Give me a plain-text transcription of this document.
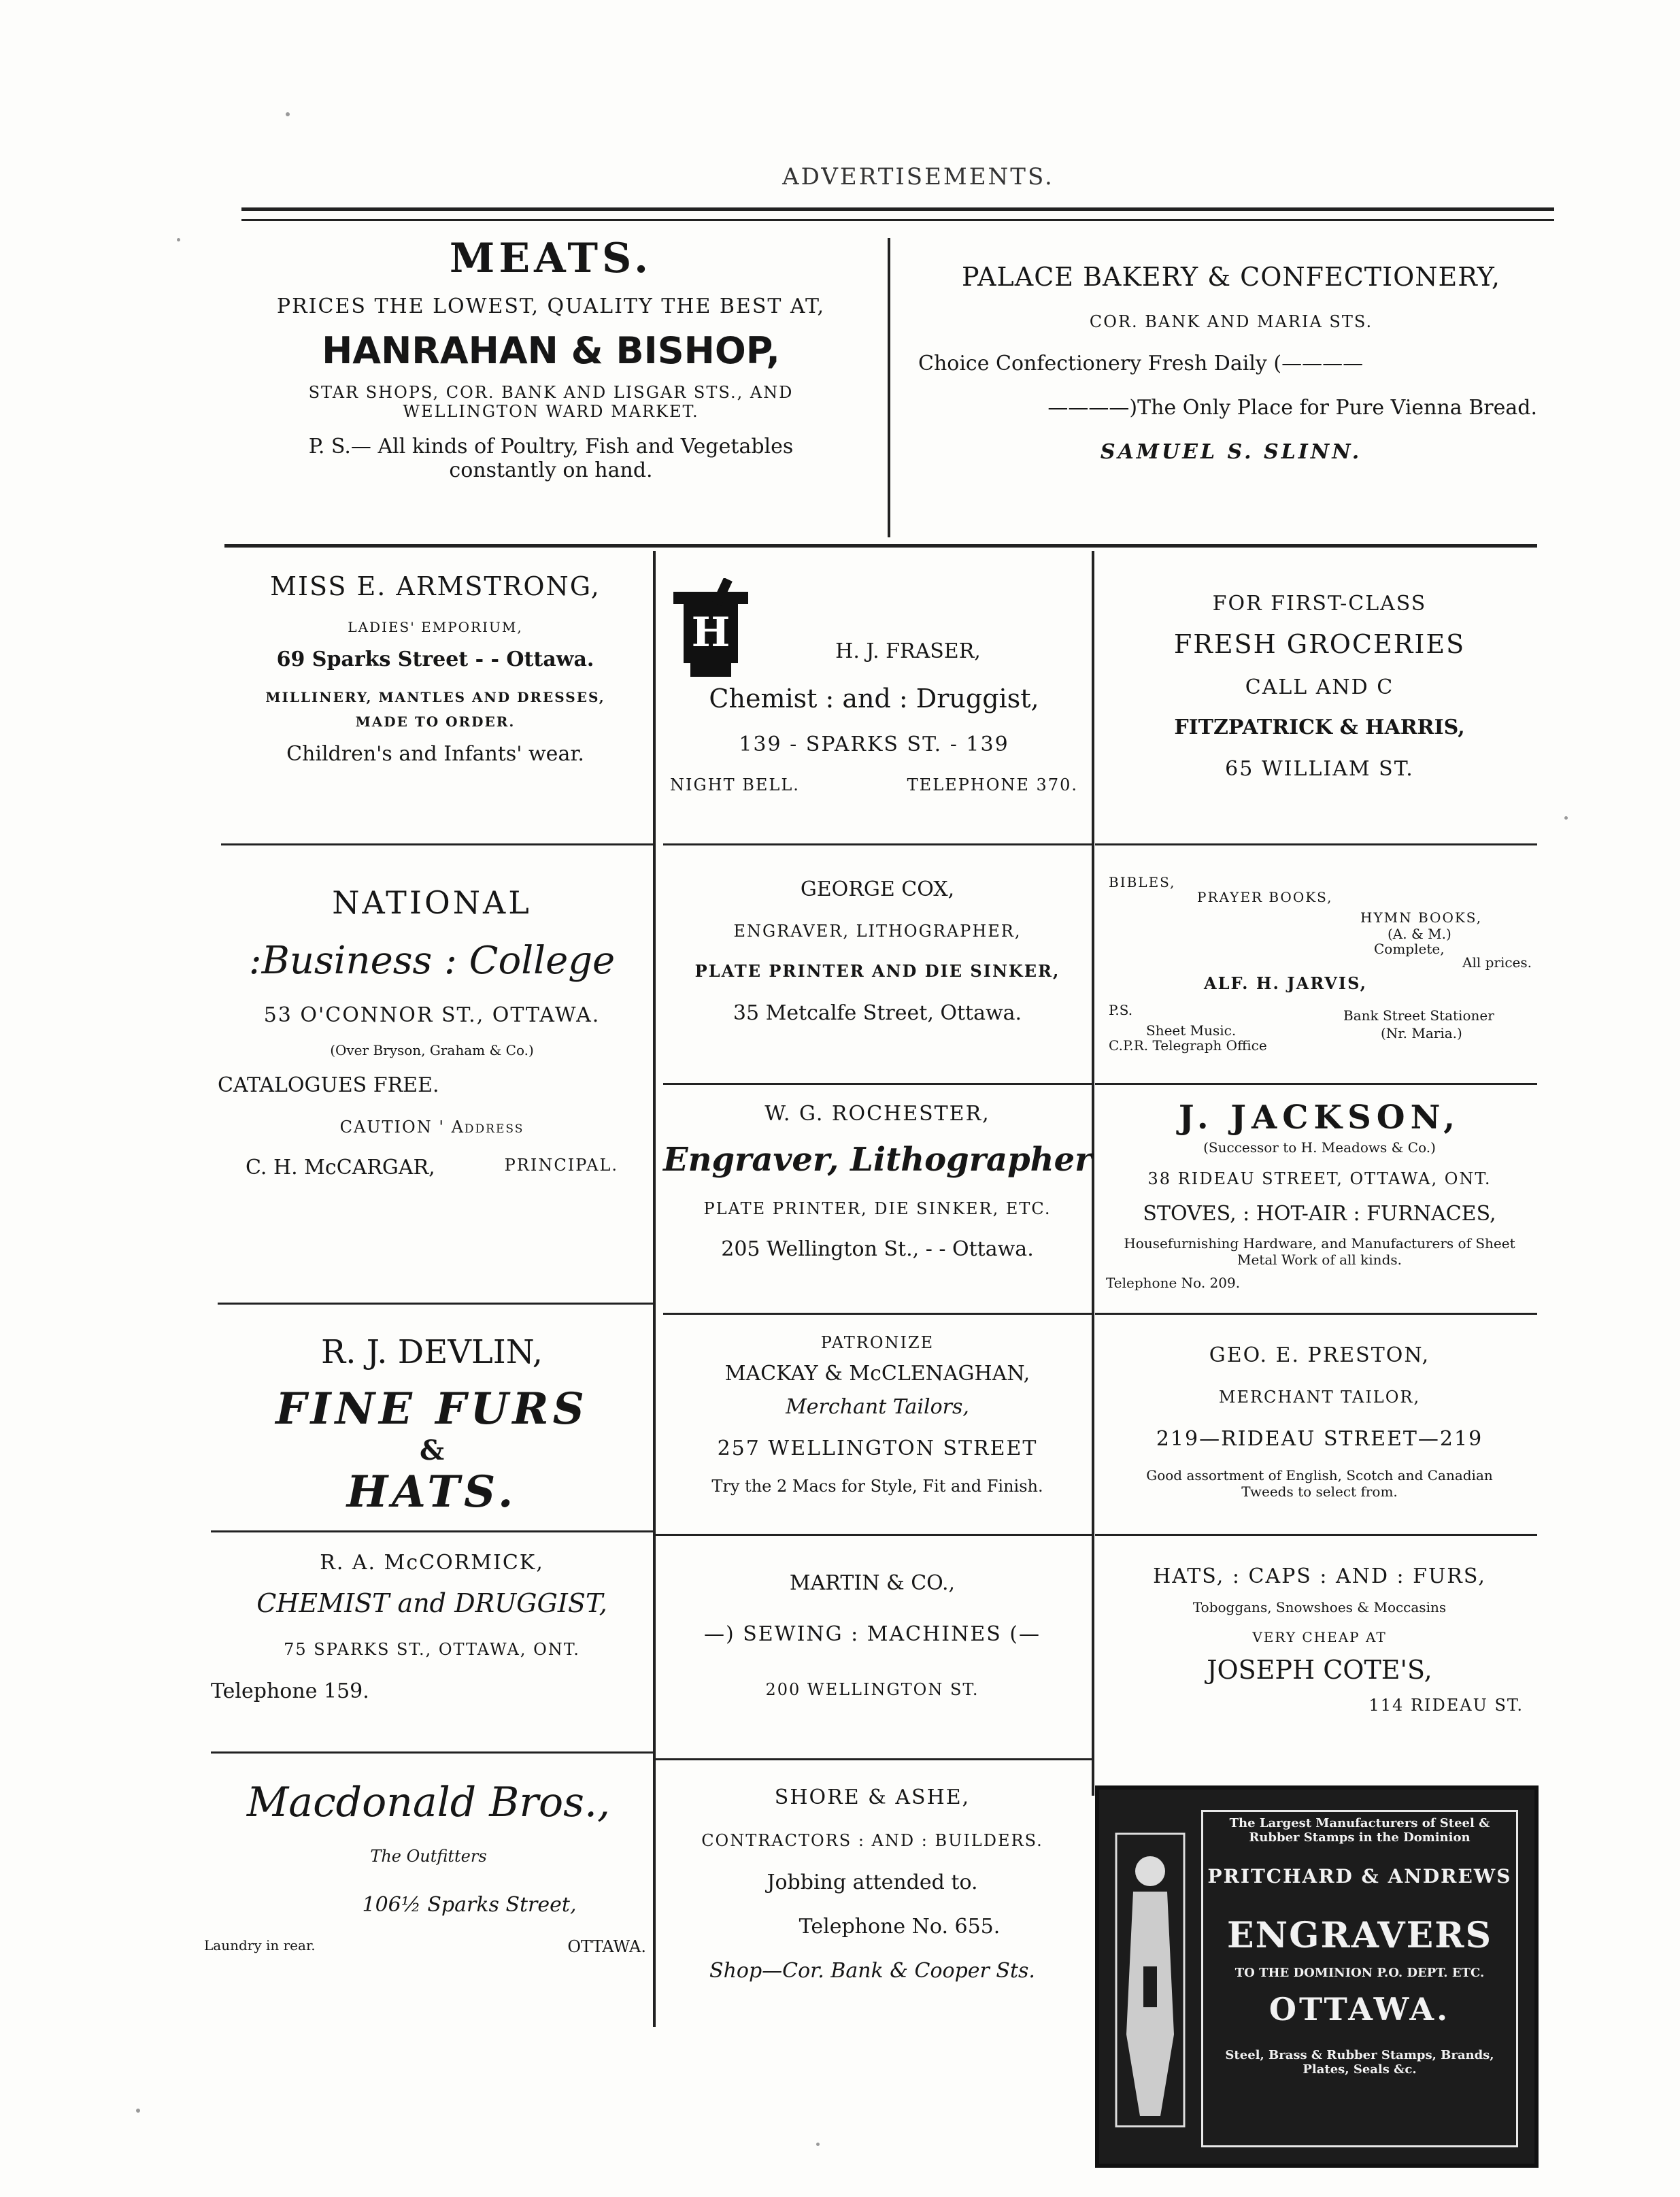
ADVERTISEMENTS.
MEATS.
PRICES THE LOWEST, QUALITY THE BEST AT,
HANRAHAN & BISHOP,
STAR SHOPS, COR. BANK AND LISGAR STS., AND WELLINGTON WARD MARKET.
P. S.— All kinds of Poultry, Fish and Vegetables constantly on hand.
PALACE BAKERY & CONFECTIONERY,
COR. BANK AND MARIA STS.
Choice Confectionery Fresh Daily (————
————)The Only Place for Pure Vienna Bread.
SAMUEL S. SLINN.
MISS E. ARMSTRONG,
LADIES' EMPORIUM,
69 Sparks Street - - Ottawa.
MILLINERY, MANTLES AND DRESSES,
MADE TO ORDER.
Children's and Infants' wear.
H	H. J. FRASER,
Chemist : and : Druggist,
139 - SPARKS ST. - 139
NIGHT BELL.	TELEPHONE 370.
FOR FIRST-CLASS
FRESH GROCERIES
CALL AND C
FITZPATRICK & HARRIS,
65 WILLIAM ST.
NATIONAL
:Business : College
53 O'CONNOR ST., OTTAWA.
(Over Bryson, Graham & Co.)
CATALOGUES FREE.
CAUTION ' Address
C. H. McCARGAR,	PRINCIPAL.
GEORGE COX,
ENGRAVER, LITHOGRAPHER,
PLATE PRINTER AND DIE SINKER,
35 Metcalfe Street, Ottawa.
BIBLES,
PRAYER BOOKS,
HYMN BOOKS,
(A. & M.)
Complete,
All prices.
ALF. H. JARVIS,
P.S.	Bank Street Stationer
Sheet Music.	(Nr. Maria.)
C.P.R. Telegraph Office
W. G. ROCHESTER,
Engraver, Lithographer
PLATE PRINTER, DIE SINKER, ETC.
205 Wellington St., - - Ottawa.
J. JACKSON,
(Successor to H. Meadows & Co.)
38 RIDEAU STREET, OTTAWA, ONT.
STOVES, : HOT-AIR : FURNACES,
Housefurnishing Hardware, and Manufacturers of Sheet Metal Work of all kinds.
Telephone No. 209.
R. J. DEVLIN,
FINE FURS
&
HATS.
PATRONIZE
MACKAY & McCLENAGHAN,
Merchant Tailors,
257 WELLINGTON STREET
Try the 2 Macs for Style, Fit and Finish.
GEO. E. PRESTON,
MERCHANT TAILOR,
219—RIDEAU STREET—219
Good assortment of English, Scotch and Canadian Tweeds to select from.
R. A. McCORMICK,
CHEMIST and DRUGGIST,
75 SPARKS ST., OTTAWA, ONT.
Telephone 159.
MARTIN & CO.,
—) SEWING : MACHINES (—
200 WELLINGTON ST.
HATS, : CAPS : AND : FURS,
Toboggans, Snowshoes & Moccasins
VERY CHEAP AT
JOSEPH COTE'S,
114 RIDEAU ST.
Macdonald Bros.,
The Outfitters
106½ Sparks Street,
Laundry in rear.	OTTAWA.
SHORE & ASHE,
CONTRACTORS : AND : BUILDERS.
Jobbing attended to.
Telephone No. 655.
Shop—Cor. Bank & Cooper Sts.
The Largest Manufacturers of Steel & Rubber Stamps in the Dominion
PRITCHARD & ANDREWS
ENGRAVERS
TO THE DOMINION P.O. DEPT. ETC.
OTTAWA.
Steel, Brass & Rubber Stamps, Brands, Plates, Seals &c.
